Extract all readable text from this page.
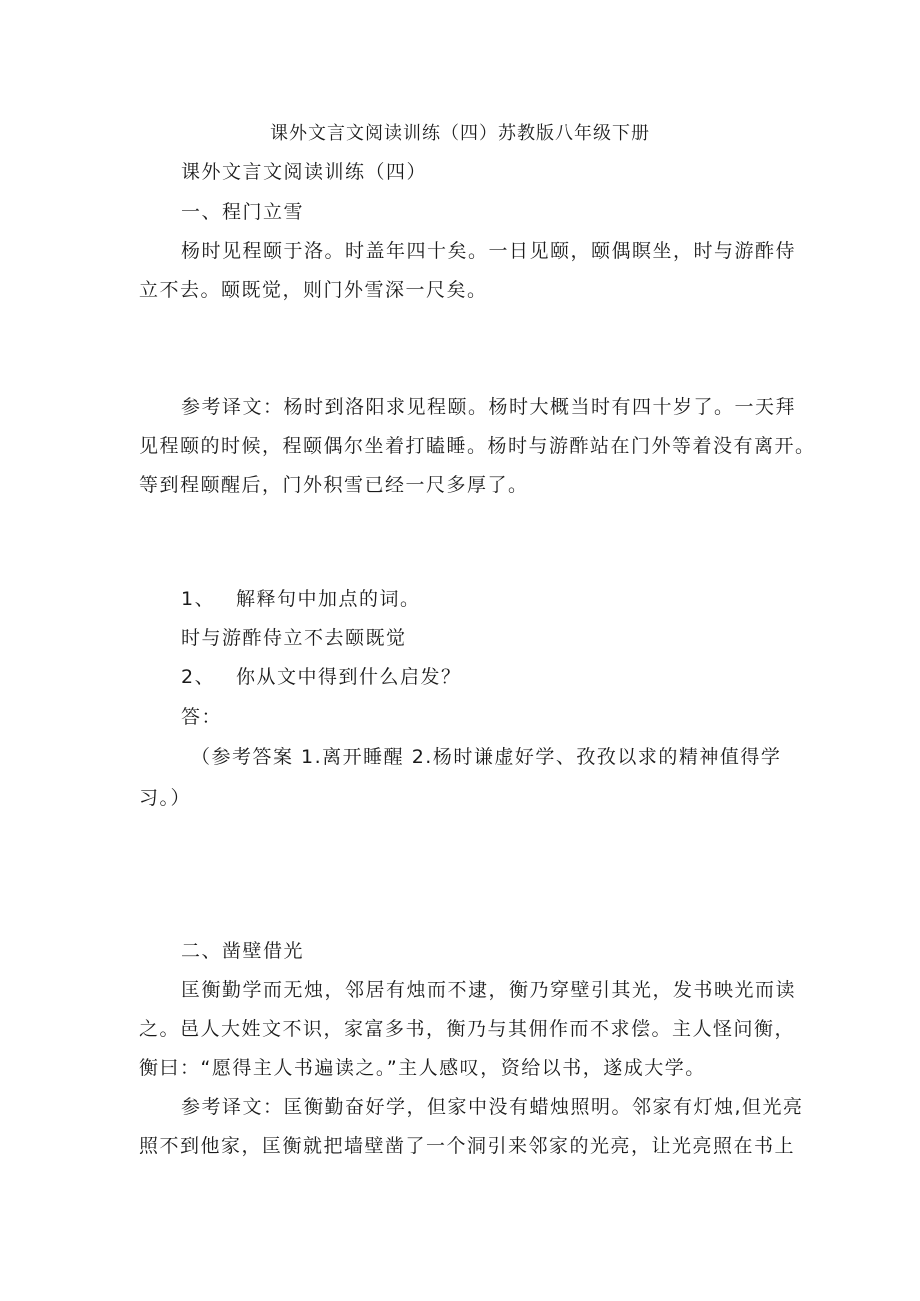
课外文言文阅读训练（四）苏教版八年级下册
课外文言文阅读训练（四）
一、程门立雪
杨时见程颐于洛。时盖年四十矣。一日见颐，颐偶瞑坐，时与游酢侍
立不去。颐既觉，则门外雪深一尺矣。
参考译文：杨时到洛阳求见程颐。杨时大概当时有四十岁了。一天拜
见程颐的时候，程颐偶尔坐着打瞌睡。杨时与游酢站在门外等着没有离开。
等到程颐醒后，门外积雪已经一尺多厚了。
1、 解释句中加点的词。
时与游酢侍立不去颐既觉
2、 你从文中得到什么启发？
答：
（参考答案 1.离开睡醒 2.杨时谦虚好学、孜孜以求的精神值得学
习。）
二、凿壁借光
匡衡勤学而无烛，邻居有烛而不逮，衡乃穿壁引其光，发书映光而读
之。邑人大姓文不识，家富多书，衡乃与其佣作而不求偿。主人怪问衡，
衡曰：“愿得主人书遍读之。”主人感叹，资给以书，遂成大学。
参考译文：匡衡勤奋好学，但家中没有蜡烛照明。邻家有灯烛,但光亮
照不到他家，匡衡就把墙壁凿了一个洞引来邻家的光亮，让光亮照在书上
